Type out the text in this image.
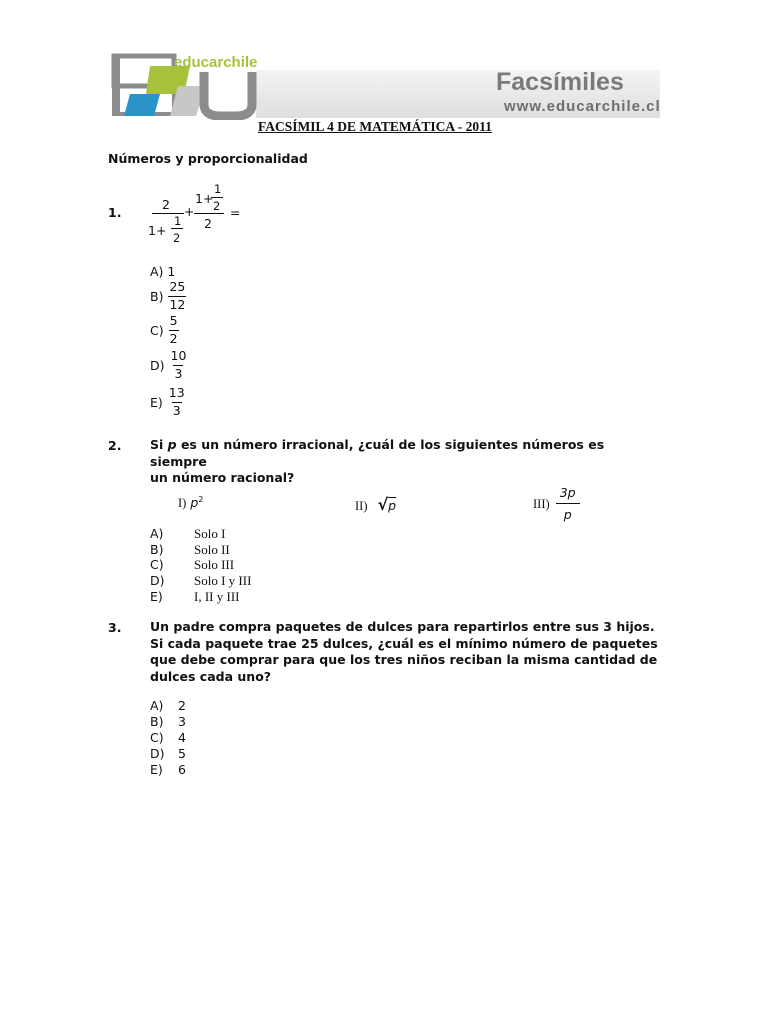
educarchile
Facsímiles
www.educarchile.cl
FACSÍMIL 4 DE MATEMÁTICA - 2011
Números y proporcionalidad
1.
2
1+
1
2
+
1+
1
2
2
=
A) 1
$B) \frac{25}{12}$
$C) \frac{5}{2}$
$D) \frac{10}{3}$
$E) \frac{13}{3}$
2. Si p es un número irracional, ¿cuál de los siguientes números es siempre
un número racional?
I) $p^2$	II) √p	$III) \frac{3p}{p}$
A) Solo I
B) Solo II
C) Solo III
D) Solo I y III
E) I, II y III
3. Un padre compra paquetes de dulces para repartirlos entre sus 3 hijos.
Si cada paquete trae 25 dulces, ¿cuál es el mínimo número de paquetes
que debe comprar para que los tres niños reciban la misma cantidad de
dulces cada uno?
A) 2
B) 3
C) 4
D) 5
E) 6
